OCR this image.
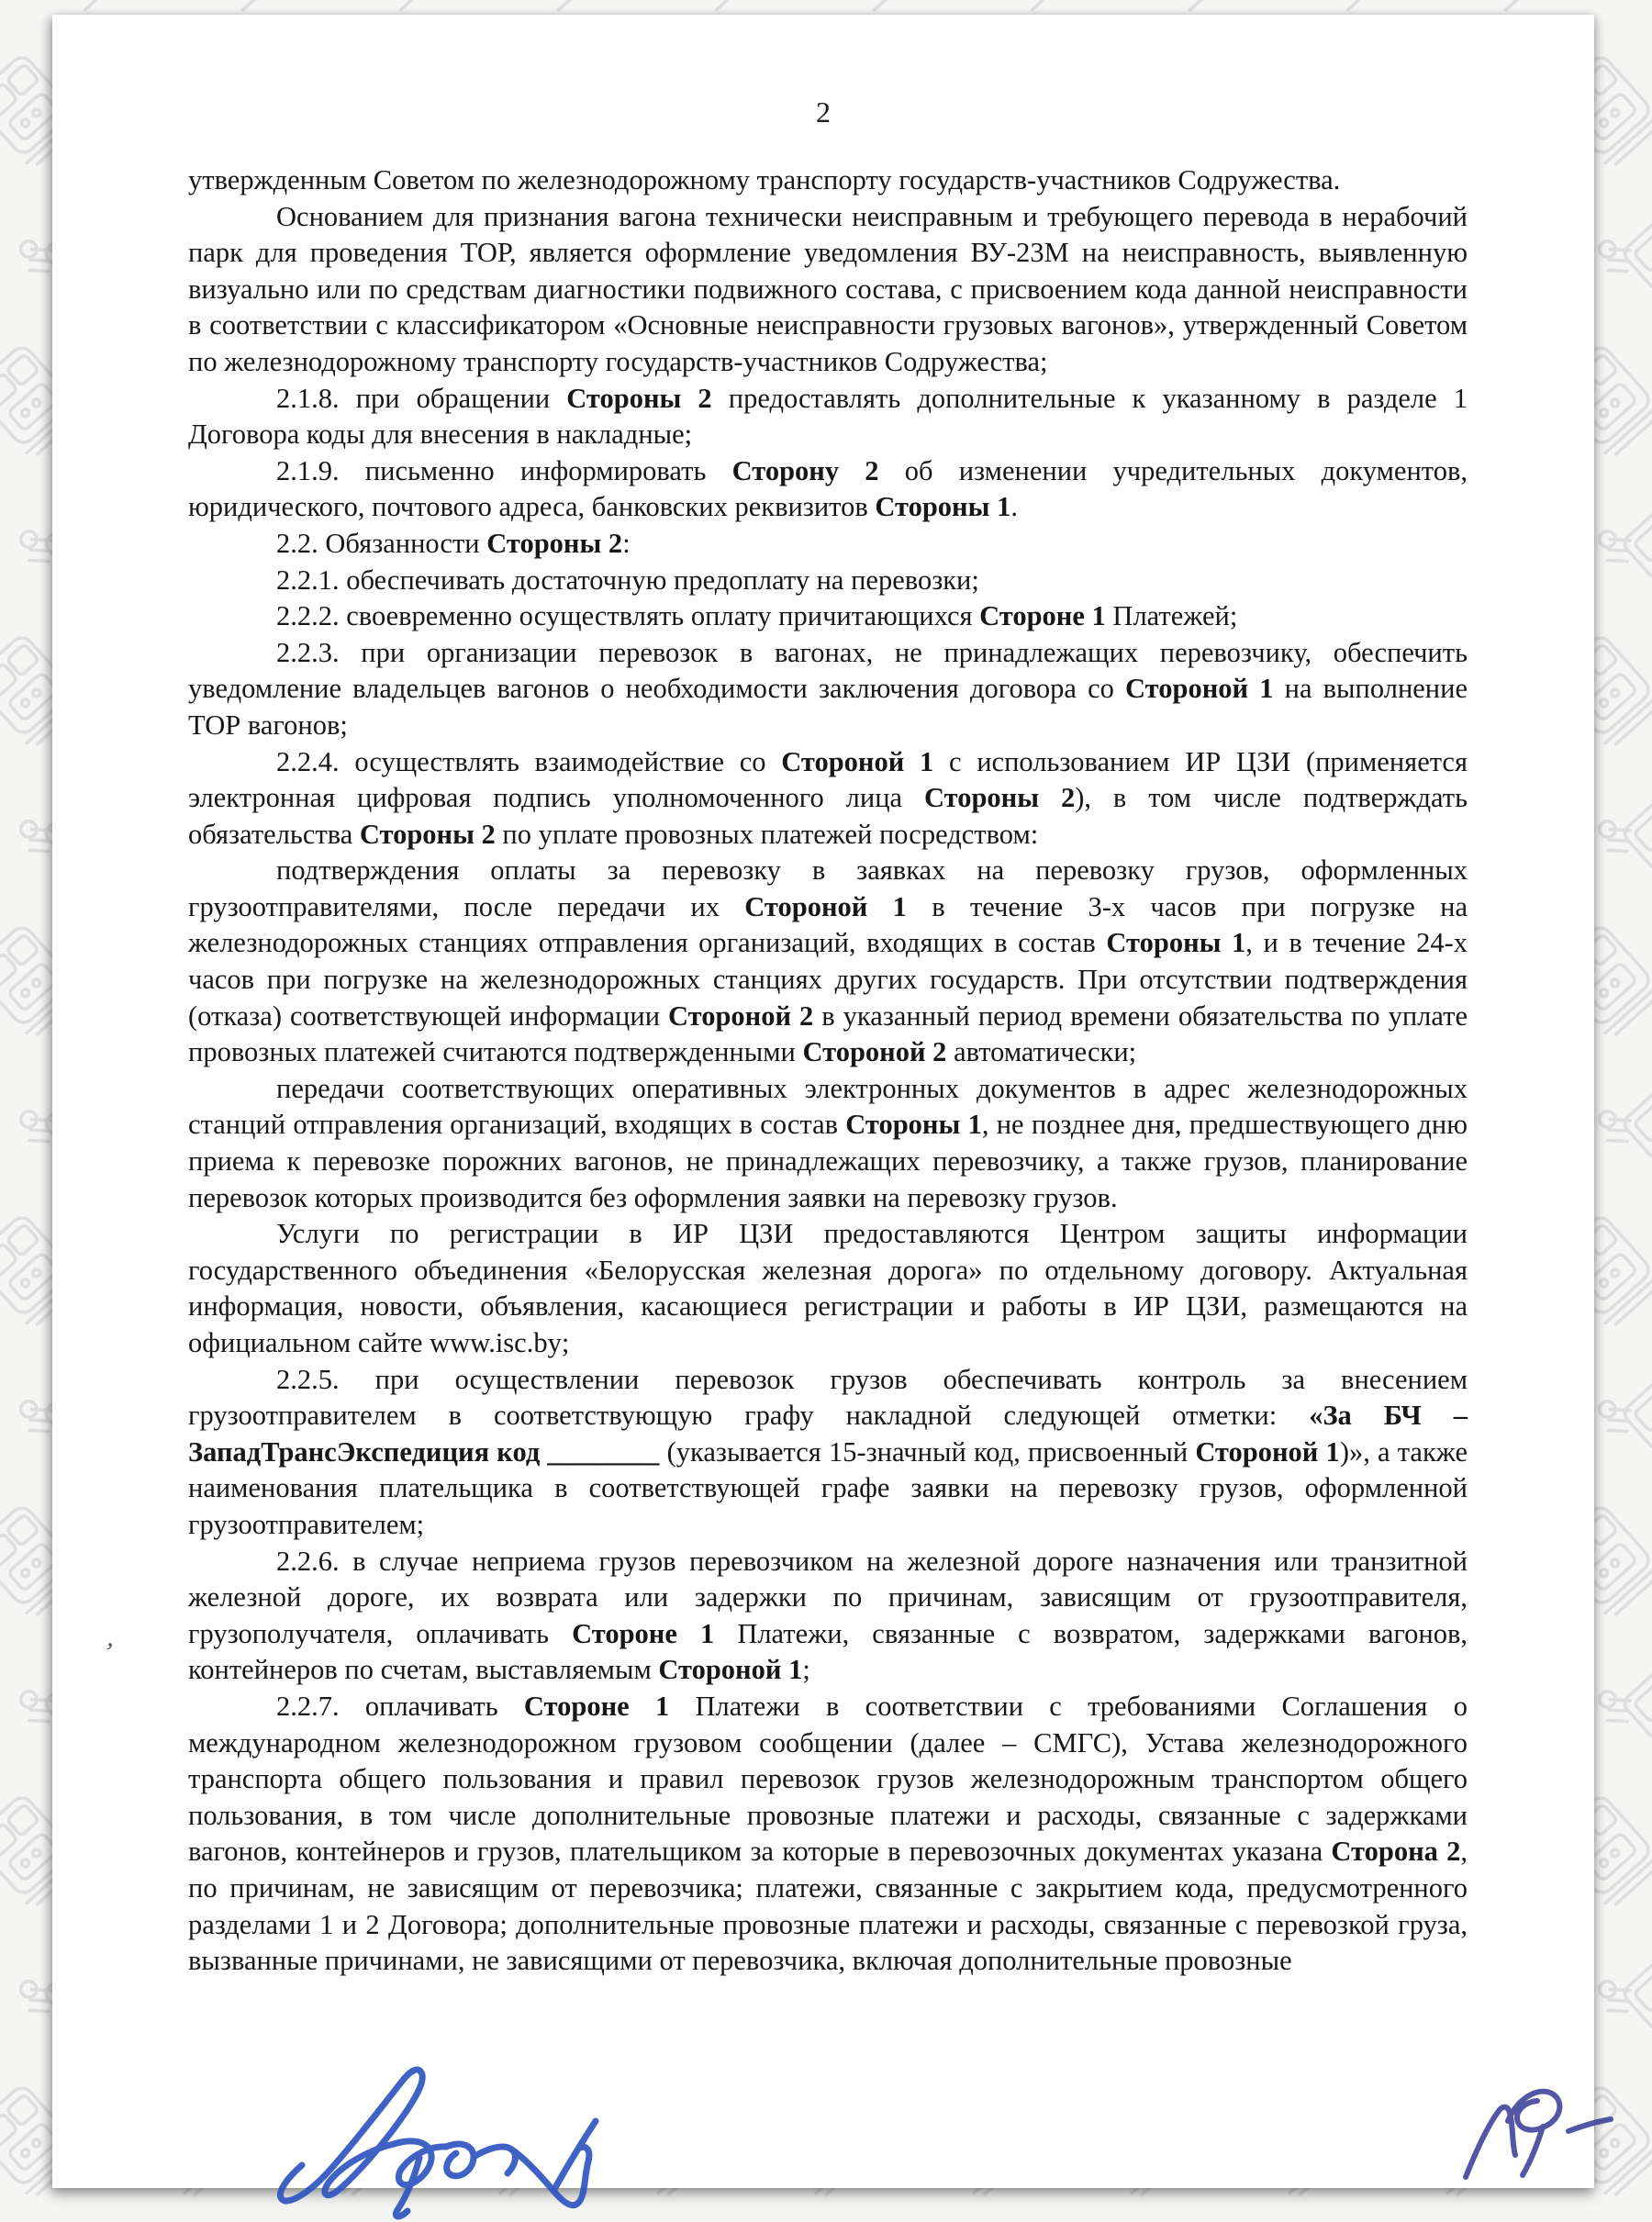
2

утвержденным Советом по железнодорожному транспорту государств-участников Содружества.

Основанием для признания вагона технически неисправным и требующего перевода в нерабочий парк для проведения ТОР, является оформление уведомления ВУ-23М на неисправность, выявленную визуально или по средствам диагностики подвижного состава, с присвоением кода данной неисправности в соответствии с классификатором «Основные неисправности грузовых вагонов», утвержденный Советом по железнодорожному транспорту государств-участников Содружества;

2.1.8. при обращении Стороны 2 предоставлять дополнительные к указанному в разделе 1 Договора коды для внесения в накладные;

2.1.9. письменно информировать Сторону 2 об изменении учредительных документов, юридического, почтового адреса, банковских реквизитов Стороны 1.

2.2. Обязанности Стороны 2:

2.2.1. обеспечивать достаточную предоплату на перевозки;

2.2.2. своевременно осуществлять оплату причитающихся Стороне 1 Платежей;

2.2.3. при организации перевозок в вагонах, не принадлежащих перевозчику, обеспечить уведомление владельцев вагонов о необходимости заключения договора со Стороной 1 на выполнение ТОР вагонов;

2.2.4. осуществлять взаимодействие со Стороной 1 с использованием ИР ЦЗИ (применяется электронная цифровая подпись уполномоченного лица Стороны 2), в том числе подтверждать обязательства Стороны 2 по уплате провозных платежей посредством:

подтверждения оплаты за перевозку в заявках на перевозку грузов, оформленных грузоотправителями, после передачи их Стороной 1 в течение 3-х часов при погрузке на железнодорожных станциях отправления организаций, входящих в состав Стороны 1, и в течение 24-х часов при погрузке на железнодорожных станциях других государств. При отсутствии подтверждения (отказа) соответствующей информации Стороной 2 в указанный период времени обязательства по уплате провозных платежей считаются подтвержденными Стороной 2 автоматически;

передачи соответствующих оперативных электронных документов в адрес железнодорожных станций отправления организаций, входящих в состав Стороны 1, не позднее дня, предшествующего дню приема к перевозке порожних вагонов, не принадлежащих перевозчику, а также грузов, планирование перевозок которых производится без оформления заявки на перевозку грузов.

Услуги по регистрации в ИР ЦЗИ предоставляются Центром защиты информации государственного объединения «Белорусская железная дорога» по отдельному договору. Актуальная информация, новости, объявления, касающиеся регистрации и работы в ИР ЦЗИ, размещаются на официальном сайте www.isc.by;

2.2.5. при осуществлении перевозок грузов обеспечивать контроль за внесением грузоотправителем в соответствующую графу накладной следующей отметки: «За БЧ – ЗападТрансЭкспедиция код ________ (указывается 15-значный код, присвоенный Стороной 1)», а также наименования плательщика в соответствующей графе заявки на перевозку грузов, оформленной грузоотправителем;

2.2.6. в случае неприема грузов перевозчиком на железной дороге назначения или транзитной железной дороге, их возврата или задержки по причинам, зависящим от грузоотправителя, грузополучателя, оплачивать Стороне 1 Платежи, связанные с возвратом, задержками вагонов, контейнеров по счетам, выставляемым Стороной 1;

2.2.7. оплачивать Стороне 1 Платежи в соответствии с требованиями Соглашения о международном железнодорожном грузовом сообщении (далее – СМГС), Устава железнодорожного транспорта общего пользования и правил перевозок грузов железнодорожным транспортом общего пользования, в том числе дополнительные провозные платежи и расходы, связанные с задержками вагонов, контейнеров и грузов, плательщиком за которые в перевозочных документах указана Сторона 2, по причинам, не зависящим от перевозчика; платежи, связанные с закрытием кода, предусмотренного разделами 1 и 2 Договора; дополнительные провозные платежи и расходы, связанные с перевозкой груза, вызванные причинами, не зависящими от перевозчика, включая дополнительные провозные

’
